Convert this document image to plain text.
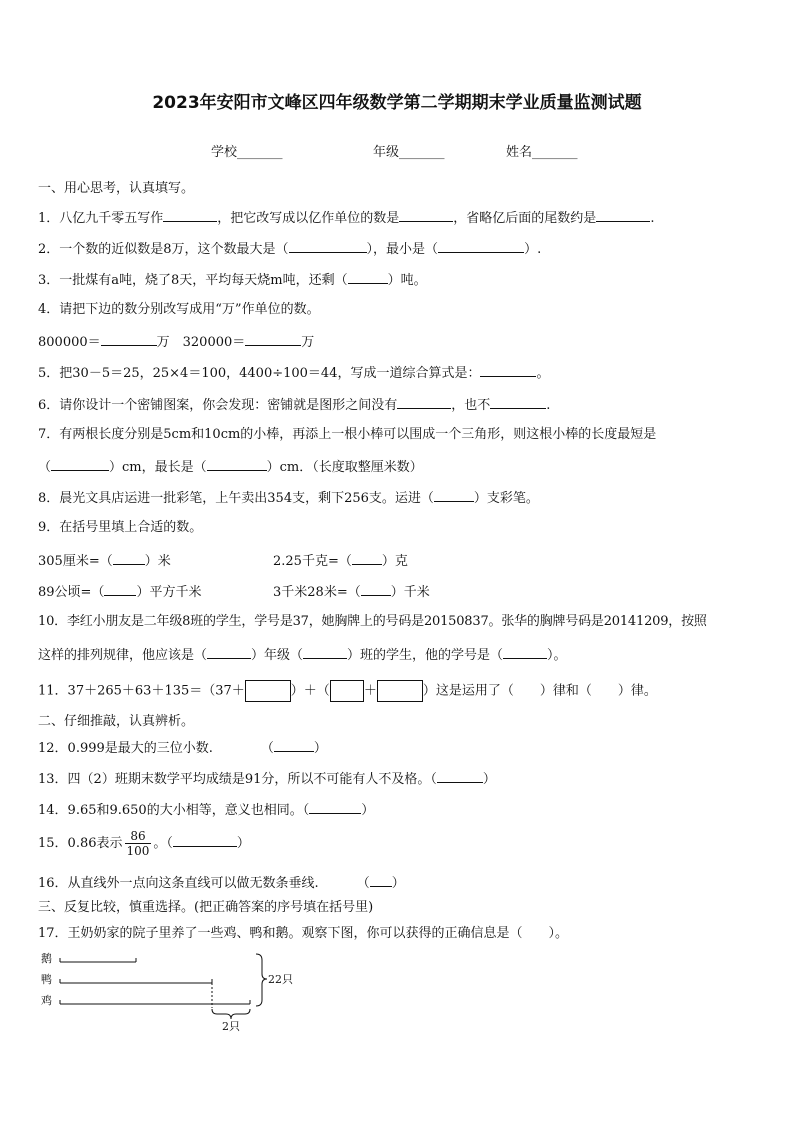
2023年安阳市文峰区四年级数学第二学期期末学业质量监测试题
学校_______	年级_______	姓名_______
一、用心思考，认真填写。
1．八亿九千零五写作	，把它改写成以亿作单位的数是	，省略亿后面的尾数约是	.
2．一个数的近似数是8万，这个数最大是（	），最小是（	）.
3．一批煤有a吨，烧了8天，平均每天烧m吨，还剩（	）吨。
4．请把下边的数分别改写成用“万”作单位的数。
800000＝	万　320000＝	万
5．把30－5＝25，25×4＝100，4400÷100＝44，写成一道综合算式是：	。
6．请你设计一个密铺图案，你会发现：密铺就是图形之间没有	，也不	.
7．有两根长度分别是5cm和10cm的小棒，再添上一根小棒可以围成一个三角形，则这根小棒的长度最短是
（	）cm，最长是（	）cm．（长度取整厘米数）
8．晨光文具店运进一批彩笔，上午卖出354支，剩下256支。运进（	）支彩笔。
9．在括号里填上合适的数。
305厘米=（ ）米	2.25千克=（ ）克
89公顷=（ ）平方千米	3千米28米=（ ）千米
10．李红小朋友是二年级8班的学生，学号是37，她胸牌上的号码是20150837。张华的胸牌号码是20141209，按照
这样的排列规律，他应该是（	）年级（	）班的学生，他的学号是（	）。
11．37＋265＋63＋135＝（37＋	）＋（	＋	）这是运用了（　　）律和（　　）律。
二、仔细推敲，认真辨析。
12．0.999是最大的三位小数.	（	）
13．四（2）班期末数学平均成绩是91分，所以不可能有人不及格。（	）
14．9.65和9.650的大小相等，意义也相同。（	）
15．0.86表示 $\frac{86}{100}$ 。（	）
16．从直线外一点向这条直线可以做无数条垂线.	（ ）
三、反复比较，慎重选择。(把正确答案的序号填在括号里)
17．王奶奶家的院子里养了一些鸡、鸭和鹅。观察下图，你可以获得的正确信息是（　　）。
鹅
鸭
鸡
22只
2只
